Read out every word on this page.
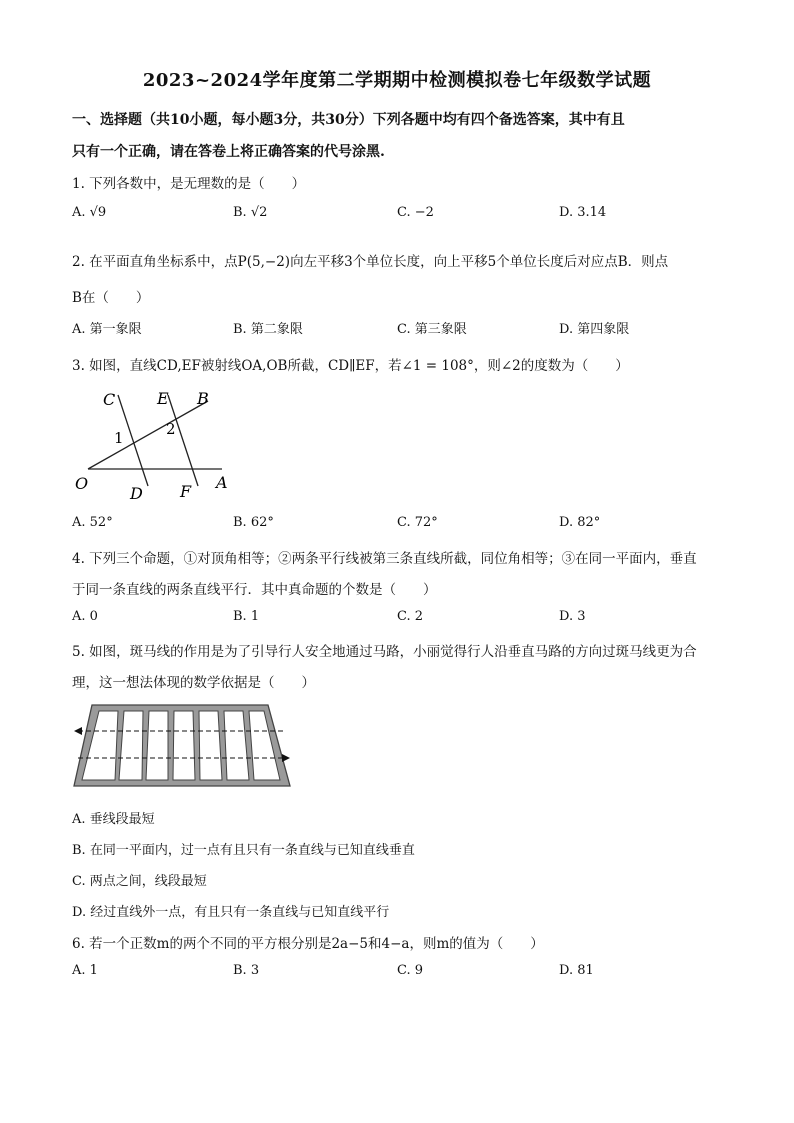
2023~2024学年度第二学期期中检测模拟卷七年级数学试题
一、选择题（共10小题，每小题3分，共30分）下列各题中均有四个备选答案，其中有且
只有一个正确，请在答卷上将正确答案的代号涂黑.
1. 下列各数中，是无理数的是（　　）
A. √9	B. √2	C. −2	D. 3.14
2. 在平面直角坐标系中，点P(5,−2)向左平移3个单位长度，向上平移5个单位长度后对应点B．则点
B在（　　）
A. 第一象限	B. 第二象限	C. 第三象限	D. 第四象限
3. 如图，直线CD,EF被射线OA,OB所截，CD∥EF，若∠1 = 108°，则∠2的度数为（　　）
C	E B
1	2
O
D F A
A. 52°	B. 62°	C. 72°	D. 82°
4. 下列三个命题，①对顶角相等；②两条平行线被第三条直线所截，同位角相等；③在同一平面内，垂直
于同一条直线的两条直线平行．其中真命题的个数是（　　）
A. 0	B. 1	C. 2	D. 3
5. 如图，斑马线的作用是为了引导行人安全地通过马路，小丽觉得行人沿垂直马路的方向过斑马线更为合
理，这一想法体现的数学依据是（　　）
A. 垂线段最短
B. 在同一平面内，过一点有且只有一条直线与已知直线垂直
C. 两点之间，线段最短
D. 经过直线外一点，有且只有一条直线与已知直线平行
6. 若一个正数m的两个不同的平方根分别是2a−5和4−a，则m的值为（　　）
A. 1	B. 3	C. 9	D. 81
